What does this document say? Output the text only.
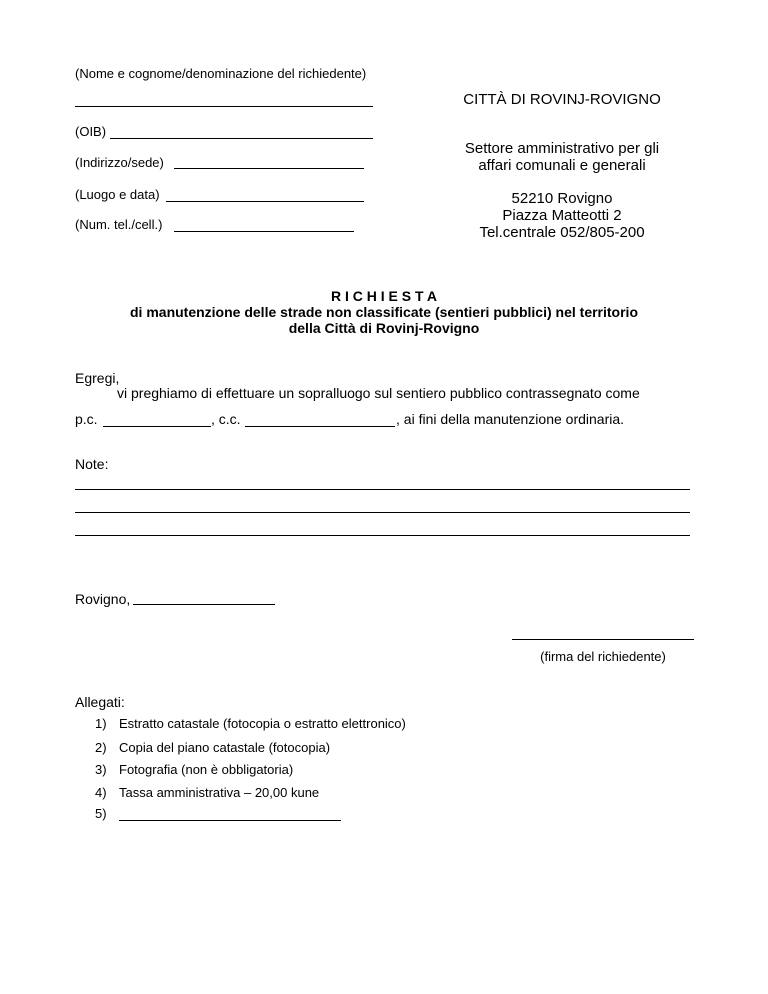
(Nome e cognome/denominazione del richiedente)
(OIB)
(Indirizzo/sede)
(Luogo e data)
(Num. tel./cell.)
CITTÀ DI ROVINJ-ROVIGNO
Settore amministrativo per gli
affari comunali e generali
52210 Rovigno
Piazza Matteotti 2
Tel.centrale 052/805-200
R I C H I E S T A
di manutenzione delle strade non classificate (sentieri pubblici) nel territorio
della Città di Rovinj-Rovigno
Egregi,
vi preghiamo di effettuare un sopralluogo sul sentiero pubblico contrassegnato come
p.c.	, c.c.	, ai fini della manutenzione ordinaria.
Note:
Rovigno,
(firma del richiedente)
Allegati:
1) Estratto catastale (fotocopia o estratto elettronico)
2) Copia del piano catastale (fotocopia)
3) Fotografia (non è obbligatoria)
4) Tassa amministrativa – 20,00 kune
5)
